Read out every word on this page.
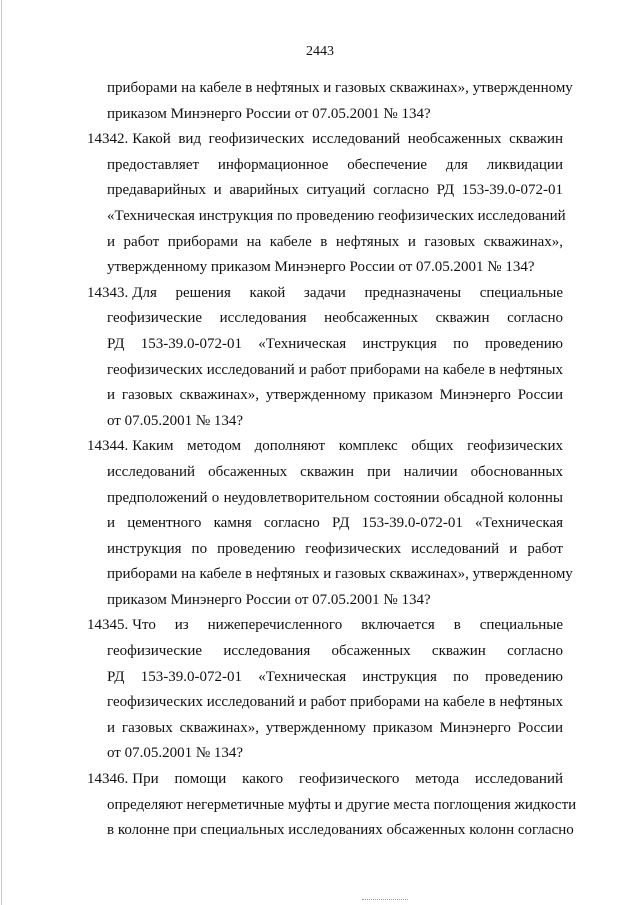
2443
приборами на кабеле в нефтяных и газовых скважинах», утвержденному
приказом Минэнерго России от 07.05.2001 № 134?
14342. Какой вид геофизических исследований необсаженных скважин
предоставляет информационное обеспечение для ликвидации
предаварийных и аварийных ситуаций согласно РД 153-39.0-072-01
«Техническая инструкция по проведению геофизических исследований
и работ приборами на кабеле в нефтяных и газовых скважинах»,
утвержденному приказом Минэнерго России от 07.05.2001 № 134?
14343. Для решения какой задачи предназначены специальные
геофизические исследования необсаженных скважин согласно
РД 153-39.0-072-01 «Техническая инструкция по проведению
геофизических исследований и работ приборами на кабеле в нефтяных
и газовых скважинах», утвержденному приказом Минэнерго России
от 07.05.2001 № 134?
14344. Каким методом дополняют комплекс общих геофизических
исследований обсаженных скважин при наличии обоснованных
предположений о неудовлетворительном состоянии обсадной колонны
и цементного камня согласно РД 153-39.0-072-01 «Техническая
инструкция по проведению геофизических исследований и работ
приборами на кабеле в нефтяных и газовых скважинах», утвержденному
приказом Минэнерго России от 07.05.2001 № 134?
14345. Что из нижеперечисленного включается в специальные
геофизические исследования обсаженных скважин согласно
РД 153-39.0-072-01 «Техническая инструкция по проведению
геофизических исследований и работ приборами на кабеле в нефтяных
и газовых скважинах», утвержденному приказом Минэнерго России
от 07.05.2001 № 134?
14346. При помощи какого геофизического метода исследований
определяют негерметичные муфты и другие места поглощения жидкости
в колонне при специальных исследованиях обсаженных колонн согласно
